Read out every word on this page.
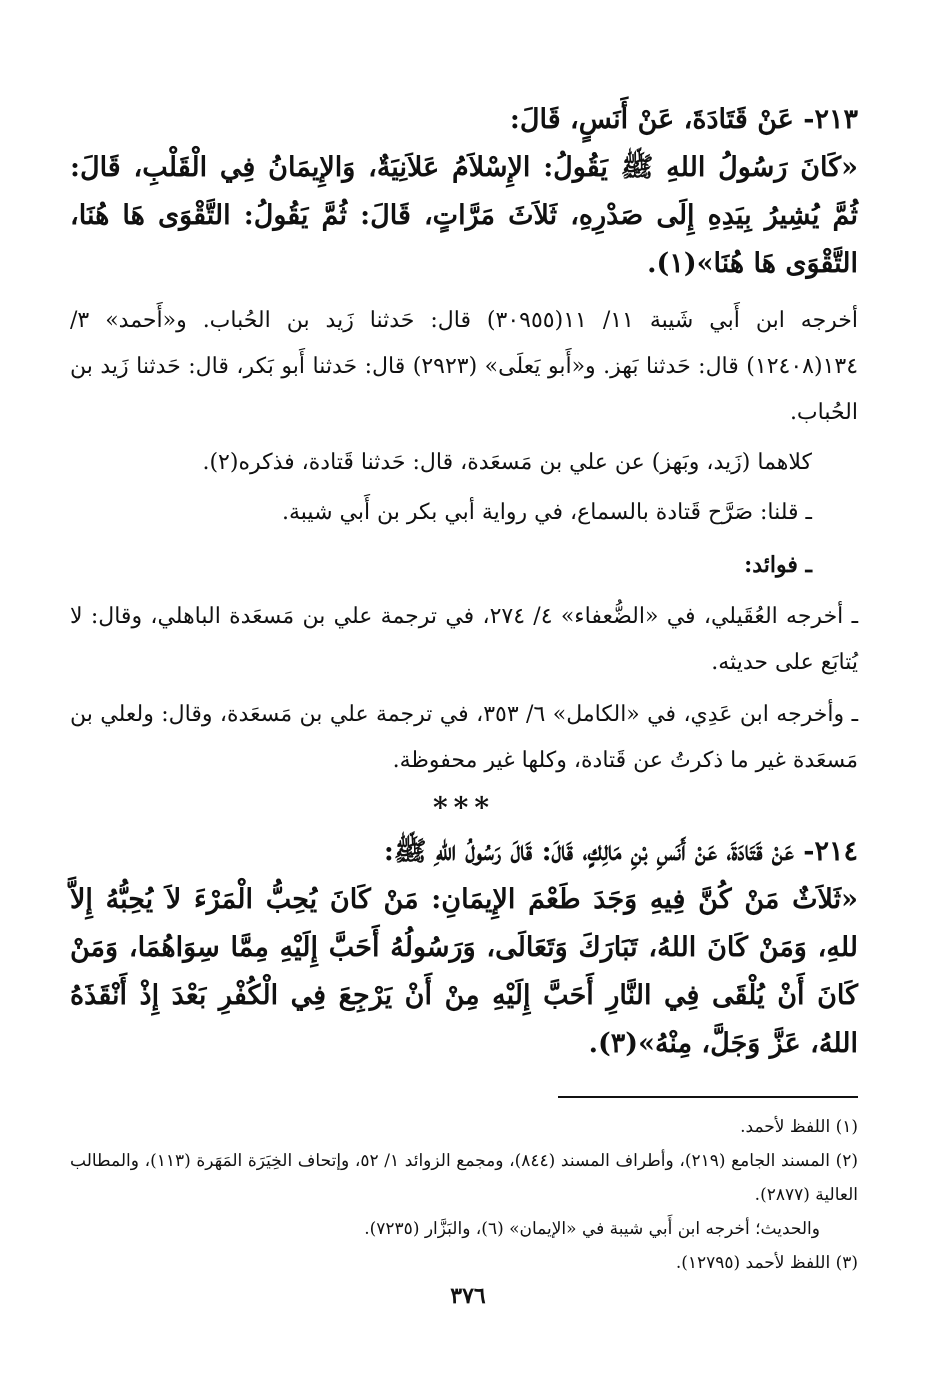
٢١٣- عَنْ قَتَادَةَ، عَنْ أَنَسٍ، قَالَ:

«كَانَ رَسُولُ اللهِ ﷺ يَقُولُ: الإِسْلاَمُ عَلاَنِيَةٌ، وَالإِيمَانُ فِي الْقَلْبِ، قَالَ: ثُمَّ يُشِيرُ بِيَدِهِ إِلَى صَدْرِهِ، ثَلاَثَ مَرَّاتٍ، قَالَ: ثُمَّ يَقُولُ: التَّقْوَى هَا هُنَا، التَّقْوَى هَا هُنَا»(١).

أخرجه ابن أَبي شَيبة ١١/ ١١(٣٠٩٥٥) قال: حَدثنا زَيد بن الحُباب. و«أَحمد» ٣/ ١٣٤(١٢٤٠٨) قال: حَدثنا بَهز. و«أَبو يَعلَى» (٢٩٢٣) قال: حَدثنا أَبو بَكر، قال: حَدثنا زَيد بن الحُباب.

كلاهما (زَيد، وبَهز) عن علي بن مَسعَدة، قال: حَدثنا قَتادة، فذكره(٢).

ـ قلنا: صَرَّح قَتادة بالسماع، في رواية أبي بكر بن أَبي شيبة.

ـ فوائد:

ـ أخرجه العُقَيلي، في «الضُّعفاء» ٤/ ٢٧٤، في ترجمة علي بن مَسعَدة الباهلي، وقال: لا يُتابَع على حديثه.

ـ وأخرجه ابن عَدِي، في «الكامل» ٦/ ٣٥٣، في ترجمة علي بن مَسعَدة، وقال: ولعلي بن مَسعَدة غير ما ذكرتُ عن قَتادة، وكلها غير محفوظة.

***

٢١٤- عَنْ قَتَادَةَ، عَنْ أَنَسِ بْنِ مَالِكٍ، قَالَ: قَالَ رَسُولُ اللهِ ﷺ:

«ثَلاَثٌ مَنْ كُنَّ فِيهِ وَجَدَ طَعْمَ الإِيمَانِ: مَنْ كَانَ يُحِبُّ الْمَرْءَ لاَ يُحِبُّهُ إِلاَّ للهِ، وَمَنْ كَانَ اللهُ، تَبَارَكَ وَتَعَالَى، وَرَسُولُهُ أَحَبَّ إِلَيْهِ مِمَّا سِوَاهُمَا، وَمَنْ كَانَ أَنْ يُلْقَى فِي النَّارِ أَحَبَّ إِلَيْهِ مِنْ أَنْ يَرْجِعَ فِي الْكُفْرِ بَعْدَ إِذْ أَنْقَذَهُ اللهُ، عَزَّ وَجَلَّ، مِنْهُ»(٣).

(١) اللفظ لأحمد.

(٢) المسند الجامع (٢١٩)، وأطراف المسند (٨٤٤)، ومجمع الزوائد ١/ ٥٢، وإتحاف الخِيَرَة المَهَرة (١١٣)، والمطالب العالية (٢٨٧٧).

والحديث؛ أخرجه ابن أَبي شيبة في «الإيمان» (٦)، والبَزَّار (٧٢٣٥).

(٣) اللفظ لأحمد (١٢٧٩٥).

٣٧٦
